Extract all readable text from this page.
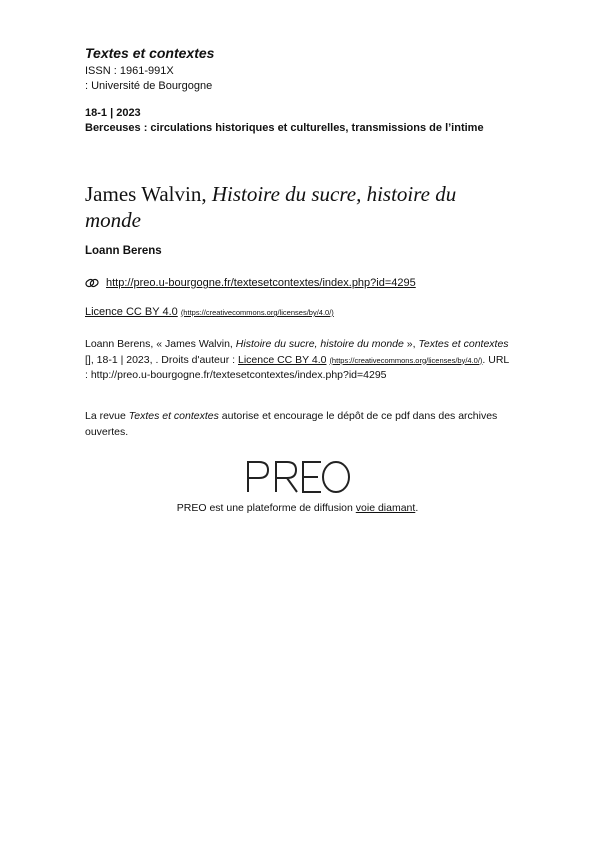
Textes et contextes
ISSN : 1961-991X
: Université de Bourgogne
18-1 | 2023
Berceuses : circulations historiques et culturelles, transmissions de l’intime
James Walvin, Histoire du sucre, histoire du monde
Loann Berens
http://preo.u-bourgogne.fr/textesetcontextes/index.php?id=4295
Licence CC BY 4.0 (https://creativecommons.org/licenses/by/4.0/)
Loann Berens, « James Walvin, Histoire du sucre, histoire du monde », Textes et contextes [], 18-1 | 2023, . Droits d'auteur : Licence CC BY 4.0 (https://creativecommons.org/licenses/by/4.0/). URL : http://preo.u-bourgogne.fr/textesetcontextes/index.php?id=4295
La revue Textes et contextes autorise et encourage le dépôt de ce pdf dans des archives ouvertes.
PREO est une plateforme de diffusion voie diamant.
